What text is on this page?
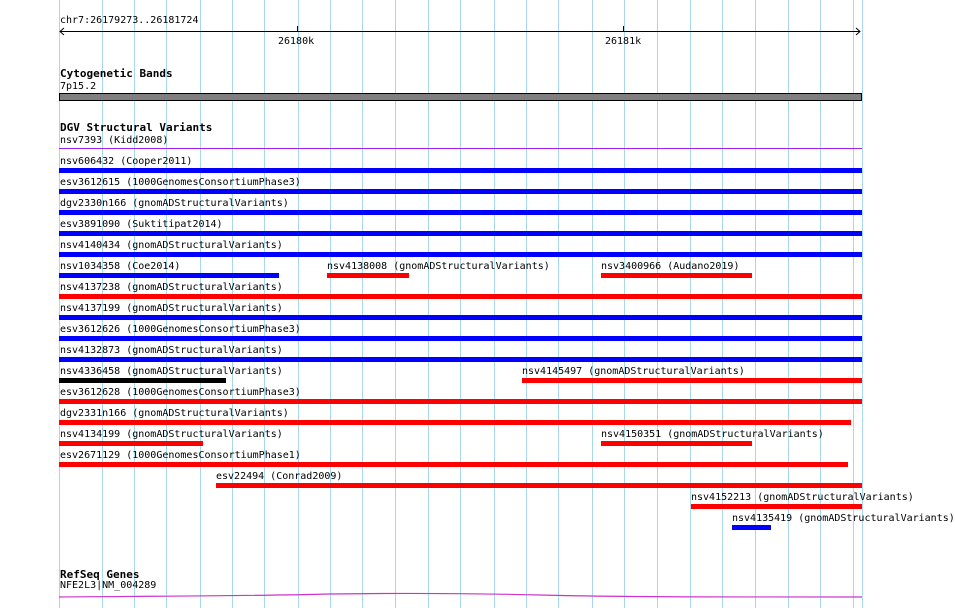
chr7:26179273..26181724
26180k	26181k
Cytogenetic Bands
7p15.2
DGV Structural Variants
nsv7393 (Kidd2008)
nsv606432 (Cooper2011)
esv3612615 (1000GenomesConsortiumPhase3)
dgv2330n166 (gnomADStructuralVariants)
esv3891090 (Suktitipat2014)
nsv4140434 (gnomADStructuralVariants)
nsv1034358 (Coe2014)	nsv4138008 (gnomADStructuralVariants)	nsv3400966 (Audano2019)
nsv4137238 (gnomADStructuralVariants)
nsv4137199 (gnomADStructuralVariants)
esv3612626 (1000GenomesConsortiumPhase3)
nsv4132873 (gnomADStructuralVariants)
nsv4336458 (gnomADStructuralVariants)	nsv4145497 (gnomADStructuralVariants)
esv3612628 (1000GenomesConsortiumPhase3)
dgv2331n166 (gnomADStructuralVariants)
nsv4134199 (gnomADStructuralVariants)	nsv4150351 (gnomADStructuralVariants)
esv2671129 (1000GenomesConsortiumPhase1)
esv22494 (Conrad2009)
nsv4152213 (gnomADStructuralVariants)
nsv4135419 (gnomADStructuralVariants)
RefSeq Genes
NFE2L3|NM_004289
